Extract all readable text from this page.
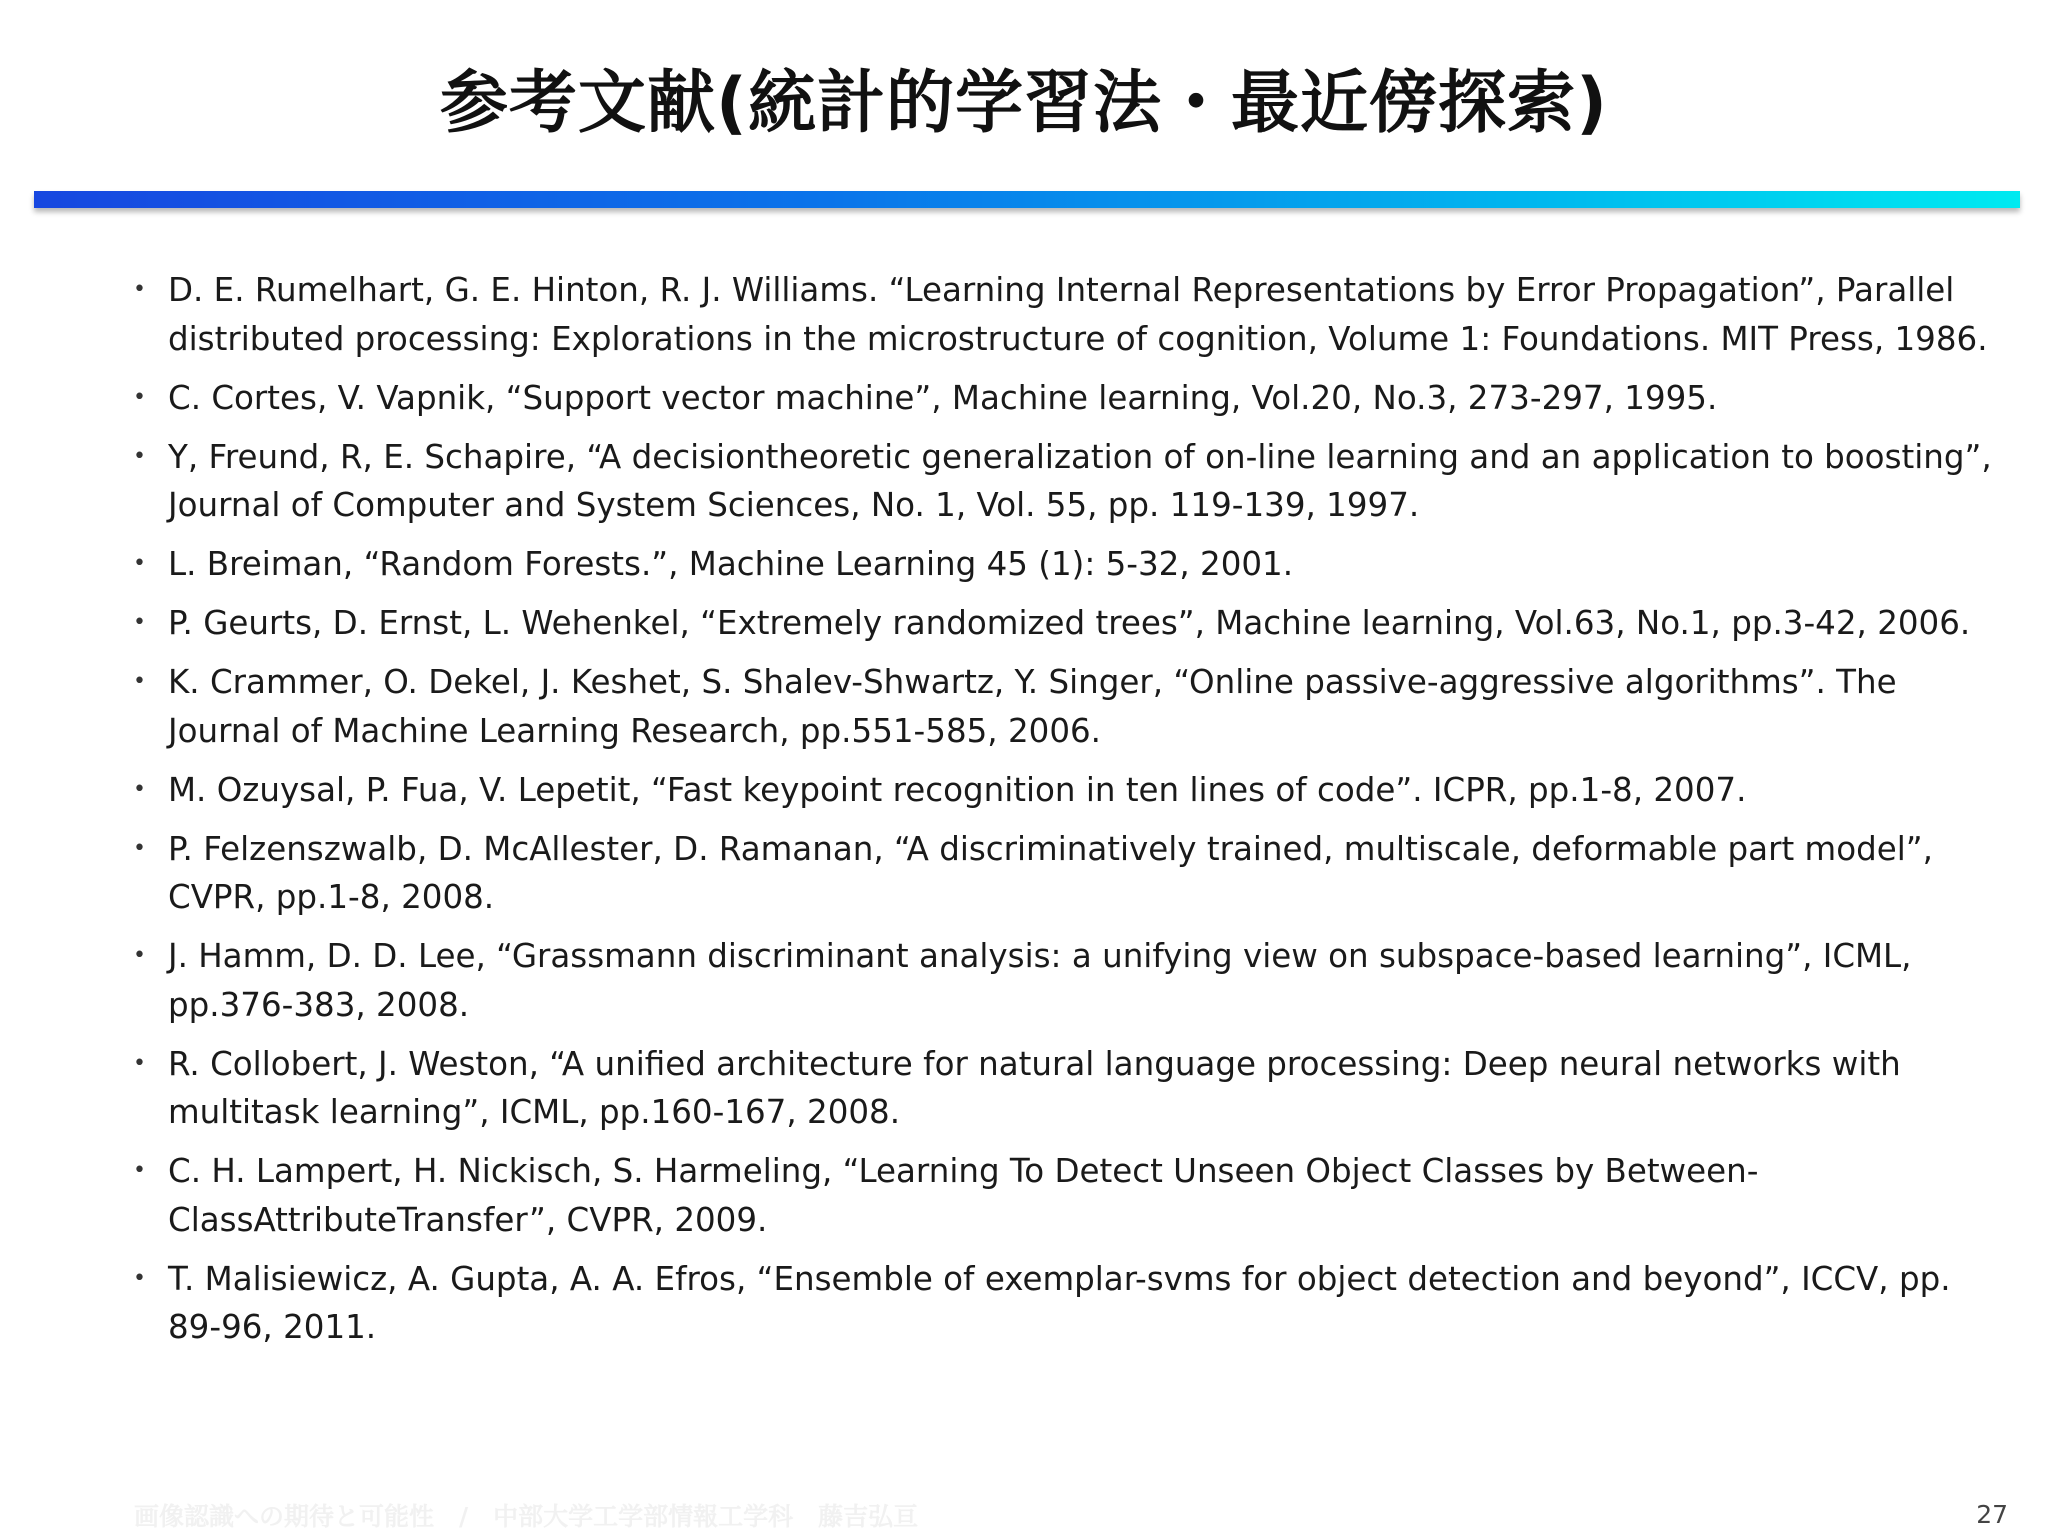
参考文献(統計的学習法・最近傍探索)
• D. E. Rumelhart, G. E. Hinton, R. J. Williams. “Learning Internal Representations by Error Propagation”, Parallel distributed processing: Explorations in the microstructure of cognition, Volume 1: Foundations. MIT Press, 1986.
• C. Cortes, V. Vapnik, “Support vector machine”, Machine learning, Vol.20, No.3, 273-297, 1995.
• Y, Freund, R, E. Schapire, “A decisiontheoretic generalization of on-line learning and an application to boosting”, Journal of Computer and System Sciences, No. 1, Vol. 55, pp. 119-139, 1997.
• L. Breiman, “Random Forests.”, Machine Learning 45 (1): 5-32, 2001.
• P. Geurts, D. Ernst, L. Wehenkel, “Extremely randomized trees”, Machine learning, Vol.63, No.1, pp.3-42, 2006.
• K. Crammer, O. Dekel, J. Keshet, S. Shalev-Shwartz, Y. Singer, “Online passive-aggressive algorithms”. The Journal of Machine Learning Research, pp.551-585, 2006.
• M. Ozuysal, P. Fua, V. Lepetit, “Fast keypoint recognition in ten lines of code”. ICPR, pp.1-8, 2007.
• P. Felzenszwalb, D. McAllester, D. Ramanan, “A discriminatively trained, multiscale, deformable part model”, CVPR, pp.1-8, 2008.
• J. Hamm, D. D. Lee, “Grassmann discriminant analysis: a unifying view on subspace-based learning”, ICML, pp.376-383, 2008.
• R. Collobert, J. Weston, “A unified architecture for natural language processing: Deep neural networks with multitask learning”, ICML, pp.160-167, 2008.
• C. H. Lampert, H. Nickisch, S. Harmeling, “Learning To Detect Unseen Object Classes by Between-ClassAttributeTransfer”, CVPR, 2009.
• T. Malisiewicz, A. Gupta, A. A. Efros, “Ensemble of exemplar-svms for object detection and beyond”, ICCV, pp. 89-96, 2011.
画像認識への期待と可能性　/　中部大学工学部情報工学科　藤吉弘亘	27
